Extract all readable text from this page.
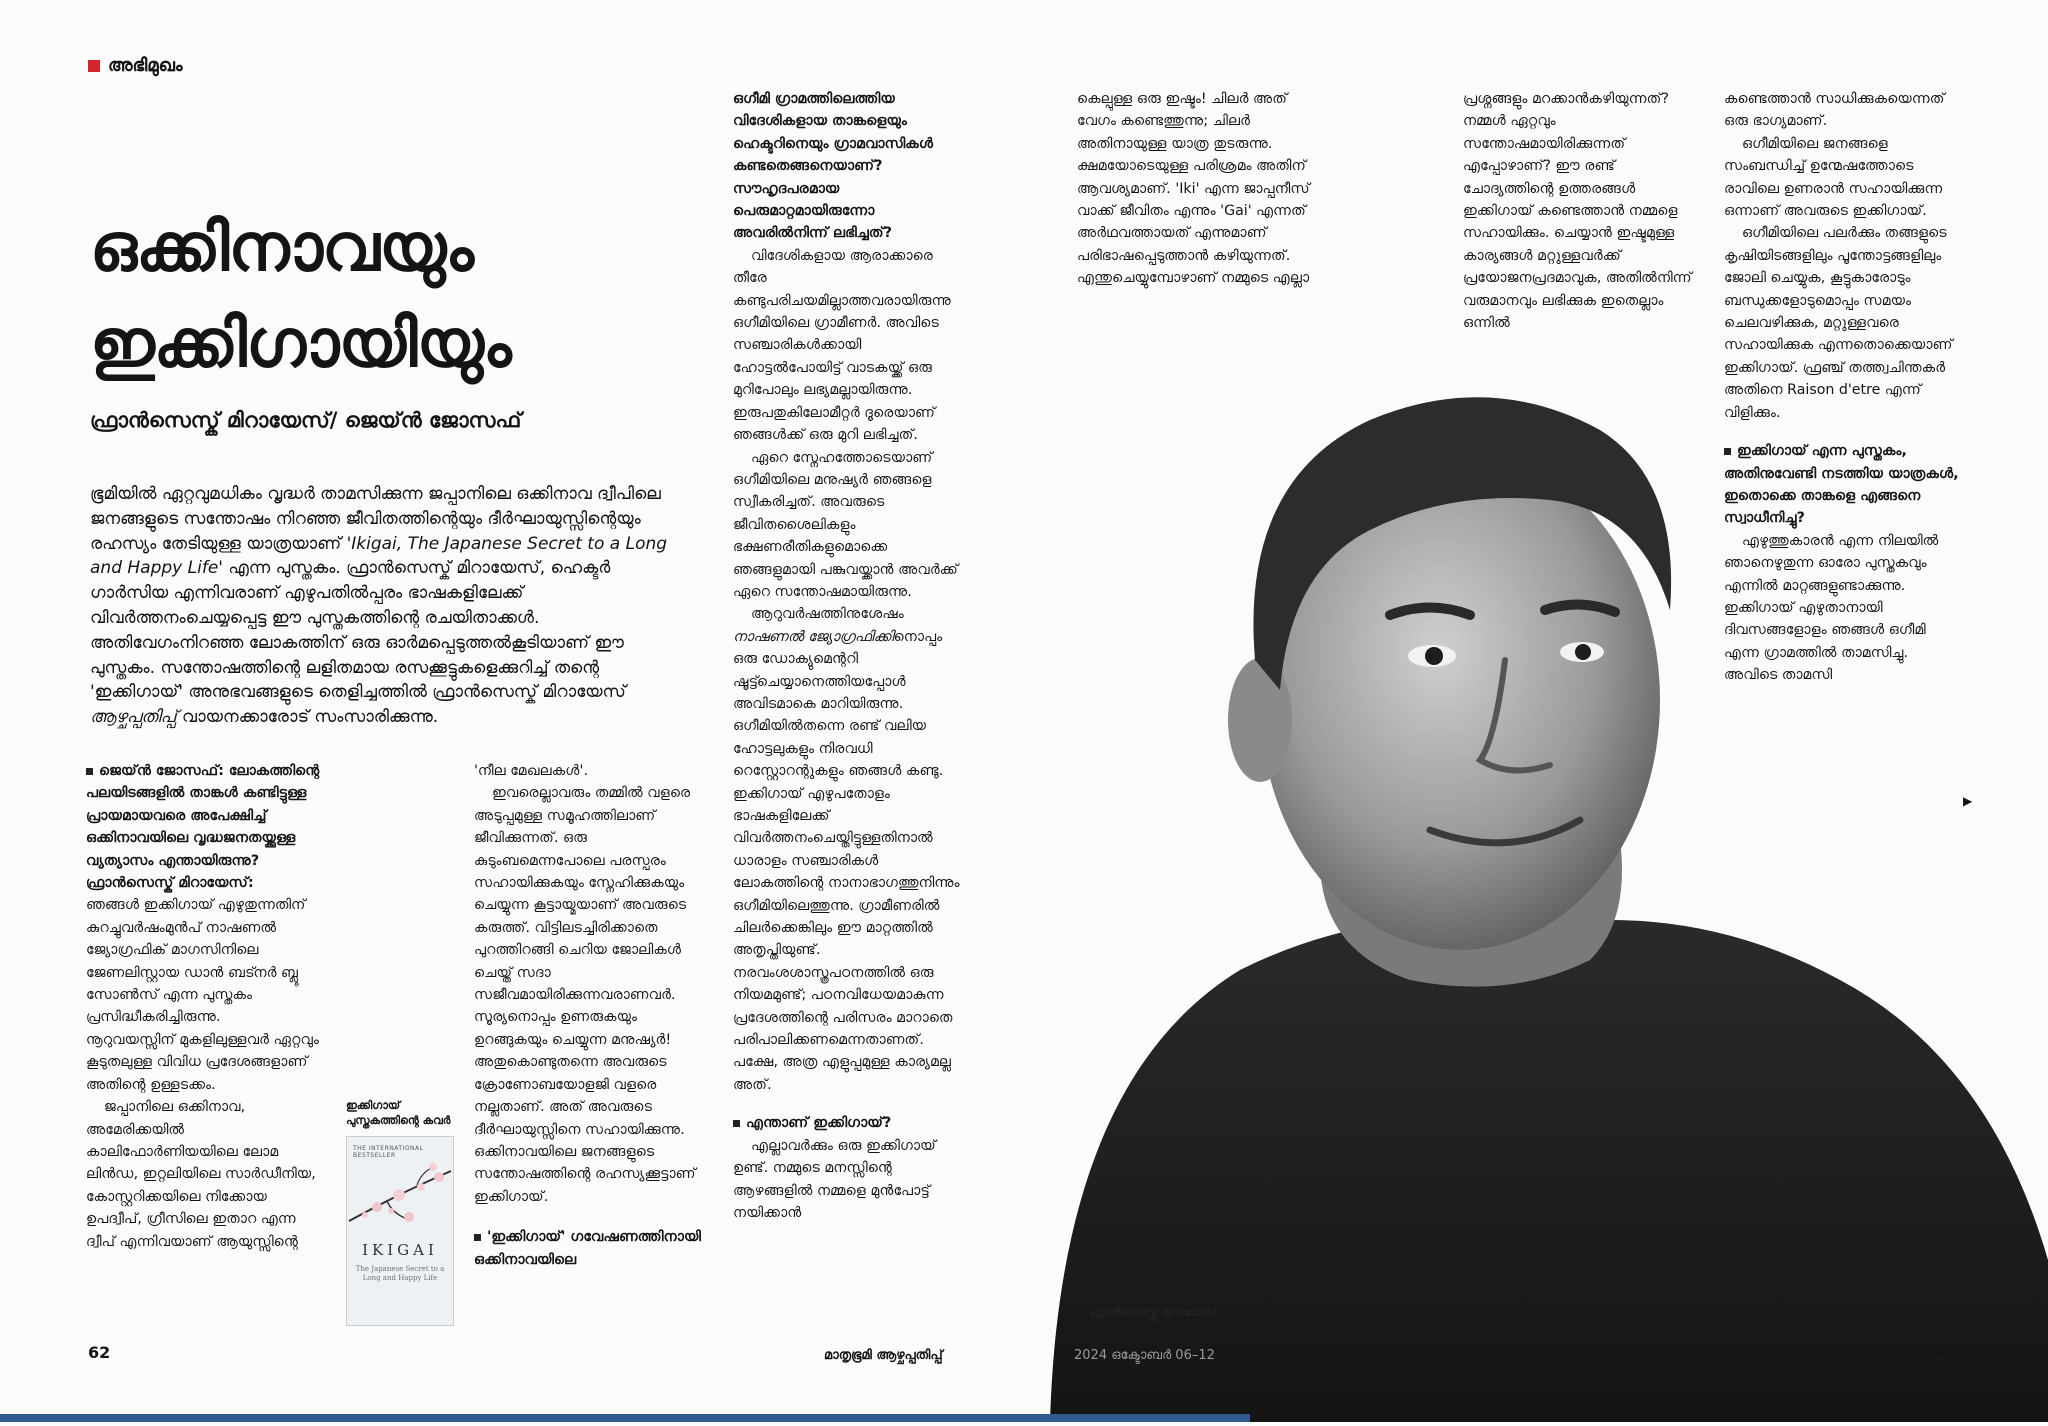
അഭിമുഖം
ഒക്കിനാവയും
ഇക്കിഗായിയും
ഫ്രാൻസെസ്ക് മിറായേസ്/ ജെയ്ൻ ജോസഫ്
ഭൂമിയിൽ ഏറ്റവുമധികം വൃദ്ധർ താമസിക്കുന്ന ജപ്പാനിലെ ഒക്കിനാവ ദ്വീപിലെ ജനങ്ങളുടെ സന്തോഷം നിറഞ്ഞ ജീവിതത്തിന്റെയും ദീർഘായുസ്സിന്റെയും രഹസ്യം തേടിയുള്ള യാത്രയാണ് 'Ikigai, The Japanese Secret to a Long and Happy Life' എന്ന പുസ്തകം. ഫ്രാൻസെസ്ക് മിറായേസ്, ഹെക്ടർ ഗാർസിയ എന്നിവരാണ് എഴുപതിൽപ്പരം ഭാഷകളിലേക്ക് വിവർത്തനംചെയ്യപ്പെട്ട ഈ പുസ്തകത്തിന്റെ രചയിതാക്കൾ. അതിവേഗംനിറഞ്ഞ ലോകത്തിന് ഒരു ഓർമപ്പെടുത്തൽകൂടിയാണ് ഈ പുസ്തകം. സന്തോഷത്തിന്റെ ലളിതമായ രസക്കൂട്ടുകളെക്കുറിച്ച് തന്റെ 'ഇക്കിഗായ്' അനുഭവങ്ങളുടെ തെളിച്ചത്തിൽ ഫ്രാൻസെസ്ക് മിറായേസ് ആഴ്ചപ്പതിപ്പ് വായനക്കാരോട് സംസാരിക്കുന്നു.

ജെയ്ൻ ജോസഫ്: ലോകത്തിന്റെ പലയിടങ്ങളിൽ താങ്കൾ കണ്ടിട്ടുള്ള പ്രായമായവരെ അപേക്ഷിച്ച് ഒക്കിനാവയിലെ വൃദ്ധജനതയ്ക്കുള്ള വ്യത്യാസം എന്തായിരുന്നു?

ഫ്രാൻസെസ്ക് മിറായേസ്:

ഞങ്ങൾ ഇക്കിഗായ് എഴുതുന്നതിന് കുറച്ചുവർഷംമുൻപ് നാഷണൽ ജ്യോഗ്രഫിക് മാഗസിനിലെ ജേണലിസ്റ്റായ ഡാൻ ബട്നർ ബ്ലൂ സോൺസ് എന്ന പുസ്തകം പ്രസിദ്ധീകരിച്ചിരുന്നു.

നൂറുവയസ്സിന് മുകളിലുള്ളവർ ഏറ്റവും കൂടുതലുള്ള വിവിധ പ്രദേശങ്ങളാണ് അതിന്റെ ഉള്ളടക്കം.

ജപ്പാനിലെ ഒക്കിനാവ, അമേരിക്കയിൽ കാലിഫോർണിയയിലെ ലോമ ലിൻഡ, ഇറ്റലിയിലെ സാർഡീനിയ, കോസ്റ്ററിക്കയിലെ നിക്കോയ ഉപദ്വീപ്, ഗ്രീസിലെ ഇതാറ എന്ന ദ്വീപ് എന്നിവയാണ് ആയുസ്സിന്റെ

ഇക്കിഗായ് പുസ്തകത്തിന്റെ കവർ
THE INTERNATIONAL BESTSELLER
IKIGAI
The Japanese Secret to a Long and Happy Life

'നീല മേഖലകൾ'.

ഇവരെല്ലാവരും തമ്മിൽ വളരെ അടുപ്പമുള്ള സമൂഹത്തിലാണ് ജീവിക്കുന്നത്. ഒരു കുടുംബമെന്നപോലെ പരസ്പരം സഹായിക്കുകയും സ്നേഹിക്കുകയും ചെയ്യുന്ന കൂട്ടായ്മയാണ് അവരുടെ കരുത്ത്. വിട്ടിലടച്ചിരിക്കാതെ പുറത്തിറങ്ങി ചെറിയ ജോലികൾ ചെയ്ത് സദാ സജീവമായിരിക്കുന്നവരാണവർ. സൂര്യനൊപ്പം ഉണരുകയും ഉറങ്ങുകയും ചെയ്യുന്ന മനുഷ്യർ! അതുകൊണ്ടുതന്നെ അവരുടെ ക്രോണോബയോളജി വളരെ നല്ലതാണ്. അത് അവരുടെ ദീർഘായുസ്സിനെ സഹായിക്കുന്നു. ഒക്കിനാവയിലെ ജനങ്ങളുടെ സന്തോഷത്തിന്റെ രഹസ്യക്കൂട്ടാണ് ഇക്കിഗായ്.

'ഇക്കിഗായ്' ഗവേഷണത്തിനായി ഒക്കിനാവയിലെ

ഒഗീമി ഗ്രാമത്തിലെത്തിയ വിദേശികളായ താങ്കളെയും ഹെക്ടറിനെയും ഗ്രാമവാസികൾ കണ്ടതെങ്ങനെയാണ്? സൗഹൃദപരമായ പെരുമാറ്റമായിരുന്നോ അവരിൽനിന്ന് ലഭിച്ചത്?

വിദേശികളായ ആരാക്കാരെ തീരേ കണ്ടുപരിചയമില്ലാത്തവരായിരുന്നു ഒഗീമിയിലെ ഗ്രാമീണർ. അവിടെ സഞ്ചാരികൾക്കായി ഹോട്ടൽപോയിട്ട് വാടകയ്ക്ക് ഒരു മുറിപോലും ലഭ്യമല്ലായിരുന്നു. ഇരുപതുകിലോമീറ്റർ ദൂരെയാണ് ഞങ്ങൾക്ക് ഒരു മുറി ലഭിച്ചത്.

ഏറെ സ്നേഹത്തോടെയാണ് ഒഗീമിയിലെ മനുഷ്യർ ഞങ്ങളെ സ്വീകരിച്ചത്. അവരുടെ ജീവിതശൈലികളും ഭക്ഷണരീതികളുമൊക്കെ ഞങ്ങളുമായി പങ്കുവയ്ക്കാൻ അവർക്ക് ഏറെ സന്തോഷമായിരുന്നു.

ആറുവർഷത്തിനുശേഷം നാഷണൽ ജ്യോഗ്രഫിക്കിനൊപ്പം ഒരു ഡോക്യുമെന്ററി ഷൂട്ട്ചെയ്യാനെത്തിയപ്പോൾ അവിടമാകെ മാറിയിരുന്നു. ഒഗീമിയിൽതന്നെ രണ്ട് വലിയ ഹോട്ടലുകളും നിരവധി റെസ്റ്റോറന്റുകളും ഞങ്ങൾ കണ്ടു. ഇക്കിഗായ് എഴുപതോളം ഭാഷകളിലേക്ക് വിവർത്തനംചെയ്തിട്ടുള്ളതിനാൽ ധാരാളം സഞ്ചാരികൾ ലോകത്തിന്റെ നാനാഭാഗത്തുനിന്നും ഒഗീമിയിലെത്തുന്നു. ഗ്രാമീണരിൽ ചിലർക്കെങ്കിലും ഈ മാറ്റത്തിൽ അതൃപ്തിയുണ്ട്. നരവംശശാസ്ത്രപഠനത്തിൽ ഒരു നിയമമുണ്ട്; പഠനവിധേയമാകുന്ന പ്രദേശത്തിന്റെ പരിസരം മാറാതെ പരിപാലിക്കണമെന്നതാണത്. പക്ഷേ, അത്ര എളുപ്പമുള്ള കാര്യമല്ല അത്.

എന്താണ് ഇക്കിഗായ്?

എല്ലാവർക്കും ഒരു ഇക്കിഗായ് ഉണ്ട്. നമ്മുടെ മനസ്സിന്റെ ആഴങ്ങളിൽ നമ്മളെ മുൻപോട്ട് നയിക്കാൻ

ഫ്രാൻസെസ്ക് മിറായേസ്

കെല്പുള്ള ഒരു ഇഷ്ടം! ചിലർ അത് വേഗം കണ്ടെത്തുന്നു; ചിലർ അതിനായുള്ള യാത്ര തുടരുന്നു. ക്ഷമയോടെയുള്ള പരിശ്രമം അതിന് ആവശ്യമാണ്. 'Iki' എന്ന ജാപ്പനീസ് വാക്ക് ജീവിതം എന്നും 'Gai' എന്നത് അർഥവത്തായത് എന്നുമാണ് പരിഭാഷപ്പെടുത്താൻ കഴിയുന്നത്. എന്തുചെയ്യുമ്പോഴാണ് നമ്മുടെ എല്ലാ

പ്രശ്നങ്ങളും മറക്കാൻകഴിയുന്നത്? നമ്മൾ ഏറ്റവും സന്തോഷമായിരിക്കുന്നത് എപ്പോഴാണ്? ഈ രണ്ട് ചോദ്യത്തിന്റെ ഉത്തരങ്ങൾ ഇക്കിഗായ് കണ്ടെത്താൻ നമ്മളെ സഹായിക്കും. ചെയ്യാൻ ഇഷ്ടമുള്ള കാര്യങ്ങൾ മറ്റുള്ളവർക്ക് പ്രയോജനപ്രദമാവുക, അതിൽനിന്ന് വരുമാനവും ലഭിക്കുക ഇതെല്ലാം ഒന്നിൽ

കണ്ടെത്താൻ സാധിക്കുകയെന്നത് ഒരു ഭാഗ്യമാണ്.

ഒഗീമിയിലെ ജനങ്ങളെ സംബന്ധിച്ച് ഉന്മേഷത്തോടെ രാവിലെ ഉണരാൻ സഹായിക്കുന്ന ഒന്നാണ് അവരുടെ ഇക്കിഗായ്.

ഒഗീമിയിലെ പലർക്കും തങ്ങളുടെ കൃഷിയിടങ്ങളിലും പൂന്തോട്ടങ്ങളിലും ജോലി ചെയ്യുക, കൂട്ടുകാരോടും ബന്ധുക്കളോടുമൊപ്പം സമയം ചെലവഴിക്കുക, മറ്റുള്ളവരെ സഹായിക്കുക എന്നതൊക്കെയാണ് ഇക്കിഗായ്. ഫ്രഞ്ച് തത്ത്വചിന്തകർ അതിനെ Raison d'etre എന്ന് വിളിക്കും.

ഇക്കിഗായ് എന്ന പുസ്തകം, അതിനുവേണ്ടി നടത്തിയ യാത്രകൾ, ഇതൊക്കെ താങ്കളെ എങ്ങനെ സ്വാധീനിച്ചു?

എഴുത്തുകാരൻ എന്ന നിലയിൽ ഞാനെഴുതുന്ന ഓരോ പുസ്തകവും എന്നിൽ മാറ്റങ്ങളുണ്ടാക്കുന്നു. ഇക്കിഗായ് എഴുതാനായി ദിവസങ്ങളോളം ഞങ്ങൾ ഒഗീമി എന്ന ഗ്രാമത്തിൽ താമസിച്ചു. അവിടെ താമസി

▶
62	മാതൃഭൂമി ആഴ്ചപ്പതിപ്പ്	2024 ഒക്ടോബർ 06–12	63
